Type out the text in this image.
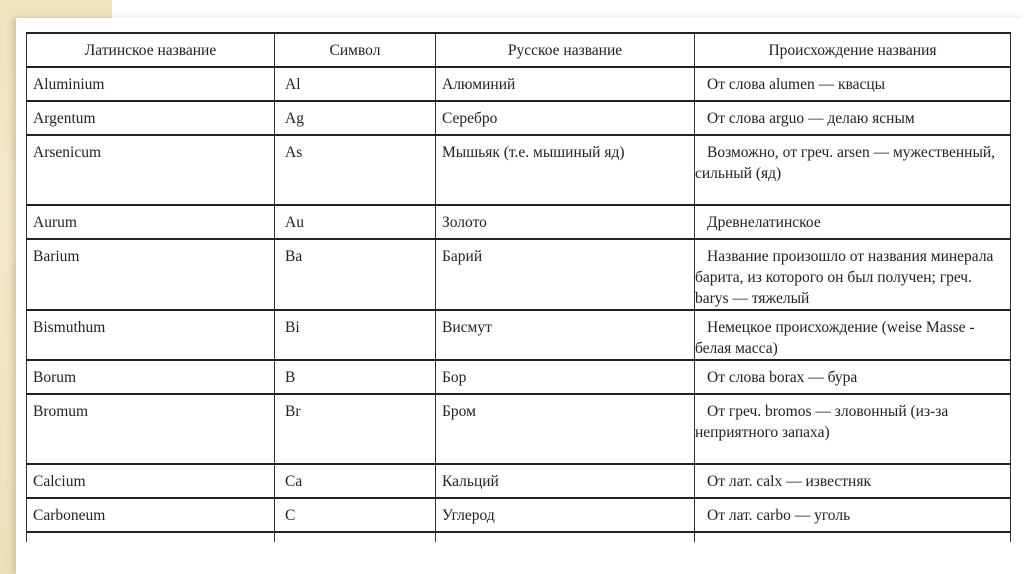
Латинское название	Символ	Русское название	Происхождение названия
Aluminium	Al	Алюминий	От слова alumen — квасцы

Argentum	Ag	Серебро	От слова arguo — делаю ясным

Arsenicum	As	Мышьяк (т.е. мышиный яд)	Возможно, от греч. arsen — мужественный, сильный (яд)

Aurum	Au	Золото	Древнелатинское

Barium	Ba	Барий	Название произошло от названия минерала барита, из которого он был получен; греч. barys — тяжелый

Bismuthum	Bi	Висмут	Немецкое происхождение (weise Masse - белая масса)

Borum	B	Бор	От слова borax — бура

Bromum	Br	Бром	От греч. bromos — зловонный (из-за неприятного запаха)

Calcium	Ca	Кальций	От лат. calx — известняк

Carboneum	C	Углерод	От лат. carbo — уголь
